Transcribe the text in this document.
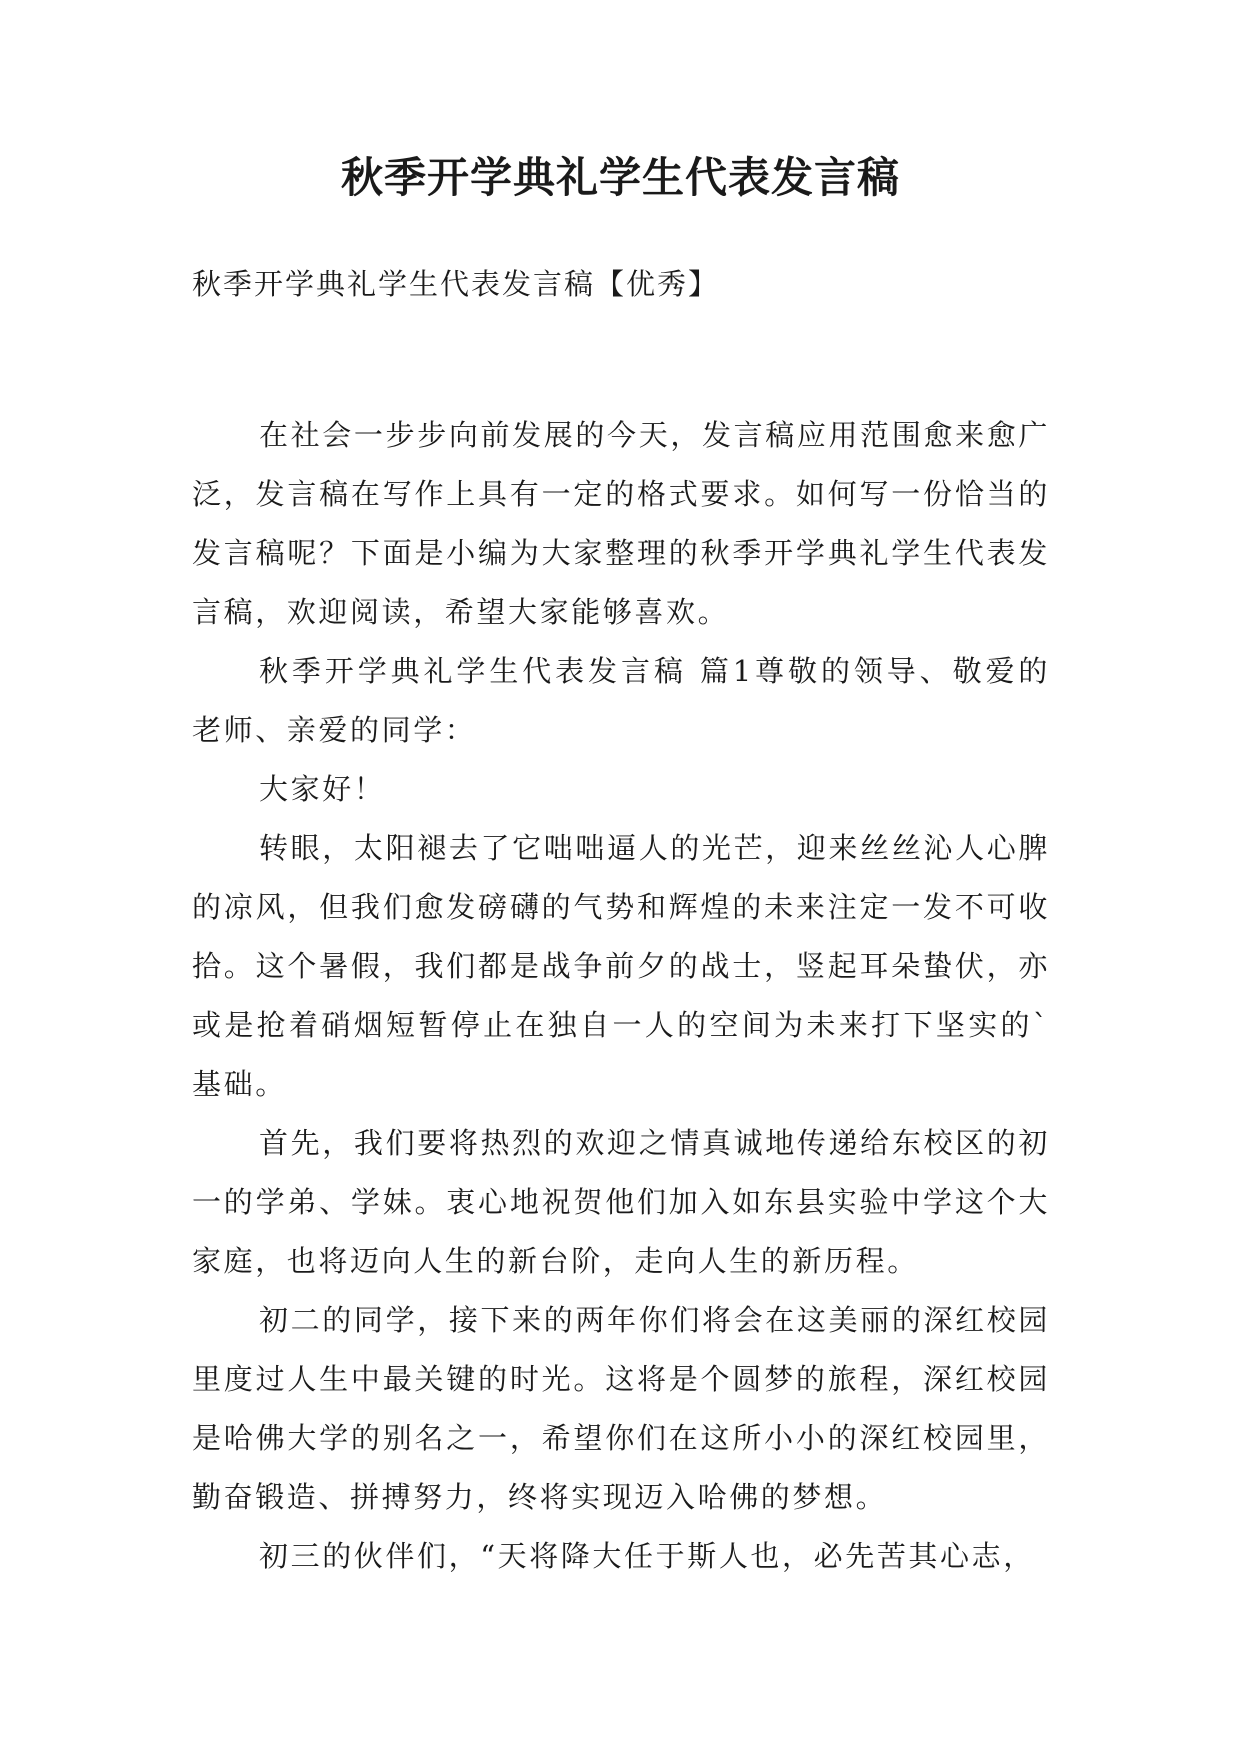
秋季开学典礼学生代表发言稿

秋季开学典礼学生代表发言稿【优秀】

在社会一步步向前发展的今天，发言稿应用范围愈来愈广泛，发言稿在写作上具有一定的格式要求。如何写一份恰当的发言稿呢？下面是小编为大家整理的秋季开学典礼学生代表发言稿，欢迎阅读，希望大家能够喜欢。

秋季开学典礼学生代表发言稿 篇1尊敬的领导、敬爱的老师、亲爱的同学：

大家好！

转眼，太阳褪去了它咄咄逼人的光芒，迎来丝丝沁人心脾的凉风，但我们愈发磅礴的气势和辉煌的未来注定一发不可收拾。这个暑假，我们都是战争前夕的战士，竖起耳朵蛰伏，亦或是抢着硝烟短暂停止在独自一人的空间为未来打下坚实的`基础。

首先，我们要将热烈的欢迎之情真诚地传递给东校区的初一的学弟、学妹。衷心地祝贺他们加入如东县实验中学这个大家庭，也将迈向人生的新台阶，走向人生的新历程。

初二的同学，接下来的两年你们将会在这美丽的深红校园里度过人生中最关键的时光。这将是个圆梦的旅程，深红校园是哈佛大学的别名之一，希望你们在这所小小的深红校园里，勤奋锻造、拼搏努力，终将实现迈入哈佛的梦想。

初三的伙伴们，“天将降大任于斯人也，必先苦其心志，
